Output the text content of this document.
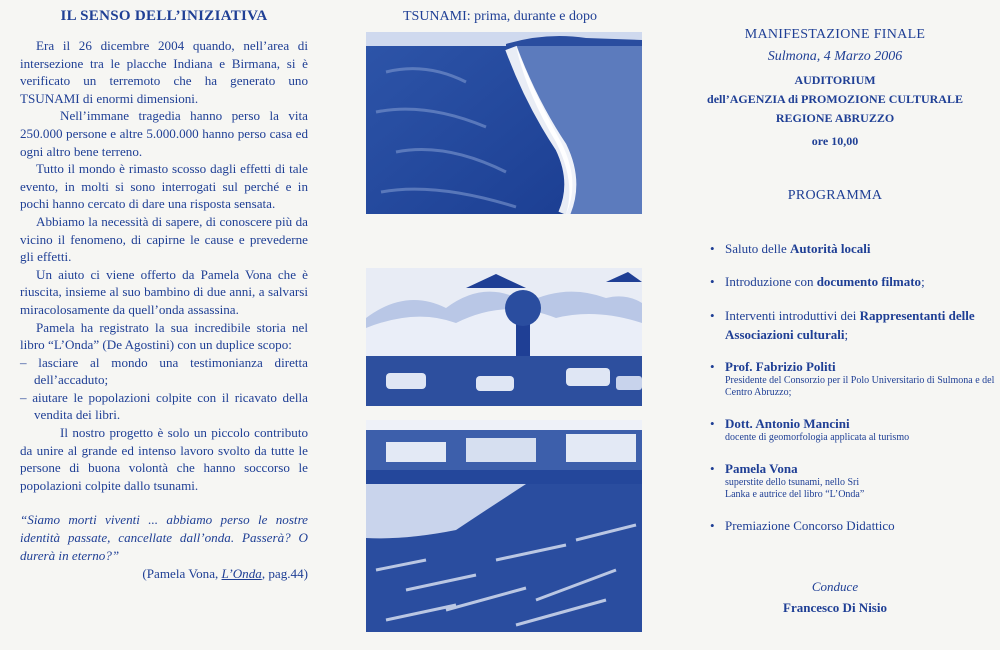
IL SENSO DELL’INIZIATIVA

Era il 26 dicembre 2004 quando, nell’area di intersezione tra le placche Indiana e Birmana, si è verificato un terremoto che ha generato uno TSUNAMI di enormi dimensioni.

Nell’immane tragedia hanno perso la vita 250.000 persone e altre 5.000.000 hanno perso casa ed ogni altro bene terreno.

Tutto il mondo è rimasto scosso dagli effetti di tale evento, in molti si sono interrogati sul perché e in pochi hanno cercato di dare una risposta sensata.

Abbiamo la necessità di sapere, di conoscere più da vicino il fenomeno, di capirne le cause e prevederne gli effetti.

Un aiuto ci viene offerto da Pamela Vona che è riuscita, insieme al suo bambino di due anni, a salvarsi miracolosamente da quell’onda assassina.

Pamela ha registrato la sua incredibile storia nel libro “L’Onda” (De Agostini) con un duplice scopo:

– lasciare al mondo una testimonianza diretta dell’accaduto;

– aiutare le popolazioni colpite con il ricavato della vendita dei libri.

Il nostro progetto è solo un piccolo contributo da unire al grande ed intenso lavoro svolto da tutte le persone di buona volontà che hanno soccorso le popolazioni colpite dallo tsunami.

“Siamo morti viventi ... abbiamo perso le nostre identità passate, cancellate dall’onda. Passerà? O durerà in eterno?”
(Pamela Vona, L’Onda, pag.44)
TSUNAMI: prima, durante e dopo
MANIFESTAZIONE FINALE
Sulmona, 4 Marzo 2006
AUDITORIUM
dell’AGENZIA di PROMOZIONE CULTURALE
REGIONE ABRUZZO
ore 10,00
PROGRAMMA
• Saluto delle Autorità locali
• Introduzione con documento filmato;
• Interventi introduttivi dei Rappresentanti delle Associazioni culturali;
• Prof. Fabrizio Politi
Presidente del Consorzio per il Polo Universitario di Sulmona e del Centro Abruzzo;
• Dott. Antonio Mancini
docente di geomorfologia applicata al turismo
• Pamela Vona
superstite dello tsunami, nello Sri Lanka e autrice del libro “L’Onda”
• Premiazione Concorso Didattico
Conduce
Francesco Di Nisio
